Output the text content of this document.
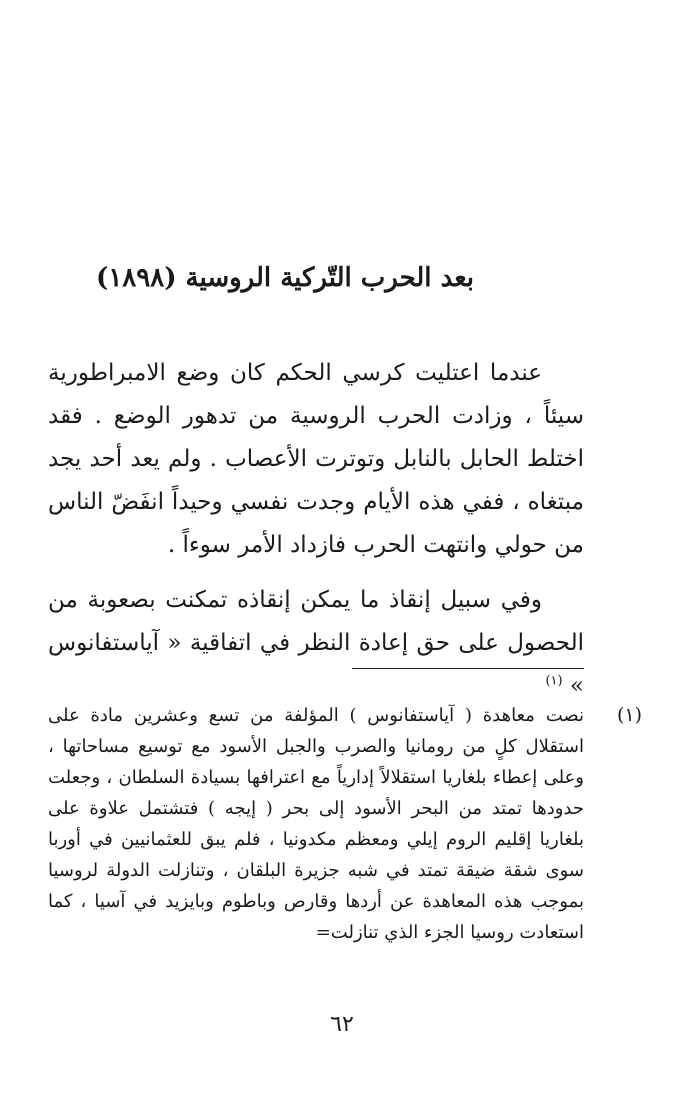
بعد الحرب التّركية الروسية (١٨٩٨)

عندما اعتليت كرسي الحكم كان وضع الامبراطورية سيئاً ، وزادت الحرب الروسية من تدهور الوضع . فقد اختلط الحابل بالنابل وتوترت الأعصاب . ولم يعد أحد يجد مبتغاه ، ففي هذه الأيام وجدت نفسي وحيداً انفَضّ الناس من حولي وانتهت الحرب فازداد الأمر سوءاً .

وفي سبيل إنقاذ ما يمكن إنقاذه تمكنت بصعوبة من الحصول على حق إعادة النظر في اتفاقية « آياستفانوس » $^{(١)}$

(١)

نصت معاهدة ( آياستفانوس ) المؤلفة من تسع وعشرين مادة على استقلال كلٍ من رومانيا والصرب والجبل الأسود مع توسيع مساحاتها ، وعلى إعطاء بلغاريا استقلالاً إدارياً مع اعترافها بسيادة السلطان ، وجعلت حدودها تمتد من البحر الأسود إلى بحر ( إيجه ) فتشتمل علاوة على بلغاريا إقليم الروم إيلي ومعظم مكدونيا ، فلم يبق للعثمانيين في أوربا سوى شقة ضيقة تمتد في شبه جزيرة البلقان ، وتنازلت الدولة لروسيا بموجب هذه المعاهدة عن أردها وقارص وباطوم وبايزيد في آسيا ، كما استعادت روسيا الجزء الذي تنازلت=

٦٢
